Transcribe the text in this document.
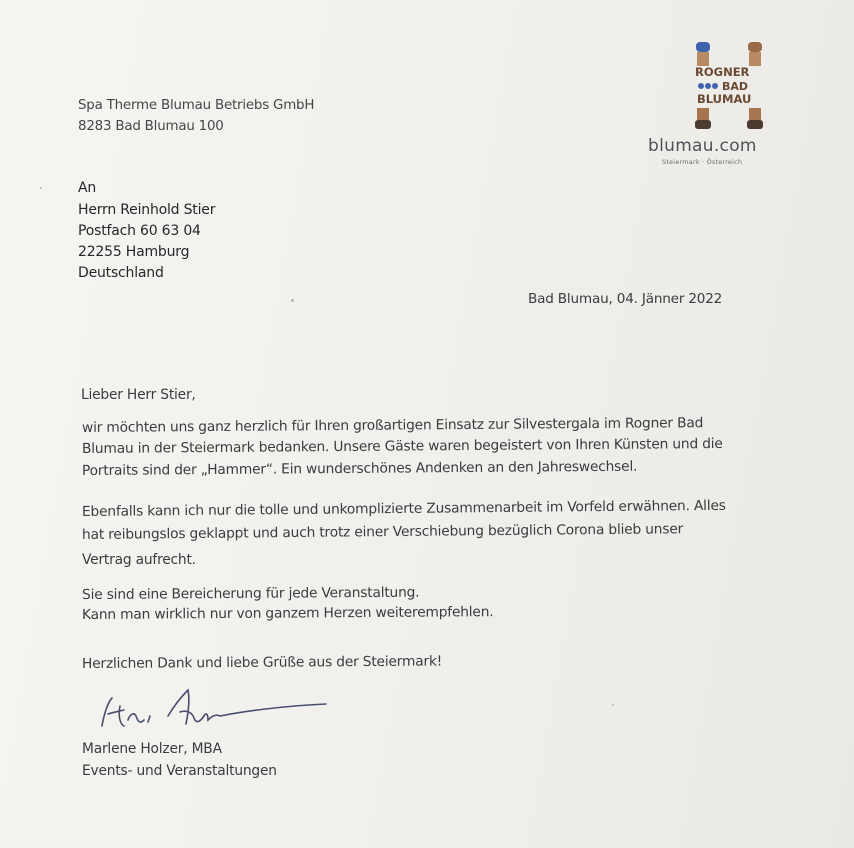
Spa Therme Blumau Betriebs GmbH
8283 Bad Blumau 100
ROGNER
BAD
BLUMAU
blumau.com
Steiermark · Österreich
An
Herrn Reinhold Stier
Postfach 60 63 04
22255 Hamburg
Deutschland
Bad Blumau, 04. Jänner 2022
Lieber Herr Stier,
wir möchten uns ganz herzlich für Ihren großartigen Einsatz zur Silvestergala im Rogner Bad
Blumau in der Steiermark bedanken. Unsere Gäste waren begeistert von Ihren Künsten und die
Portraits sind der „Hammer“. Ein wunderschönes Andenken an den Jahreswechsel.
Ebenfalls kann ich nur die tolle und unkomplizierte Zusammenarbeit im Vorfeld erwähnen. Alles
hat reibungslos geklappt und auch trotz einer Verschiebung bezüglich Corona blieb unser
Vertrag aufrecht.
Sie sind eine Bereicherung für jede Veranstaltung.
Kann man wirklich nur von ganzem Herzen weiterempfehlen.
Herzlichen Dank und liebe Grüße aus der Steiermark!
Marlene Holzer, MBA
Events- und Veranstaltungen
